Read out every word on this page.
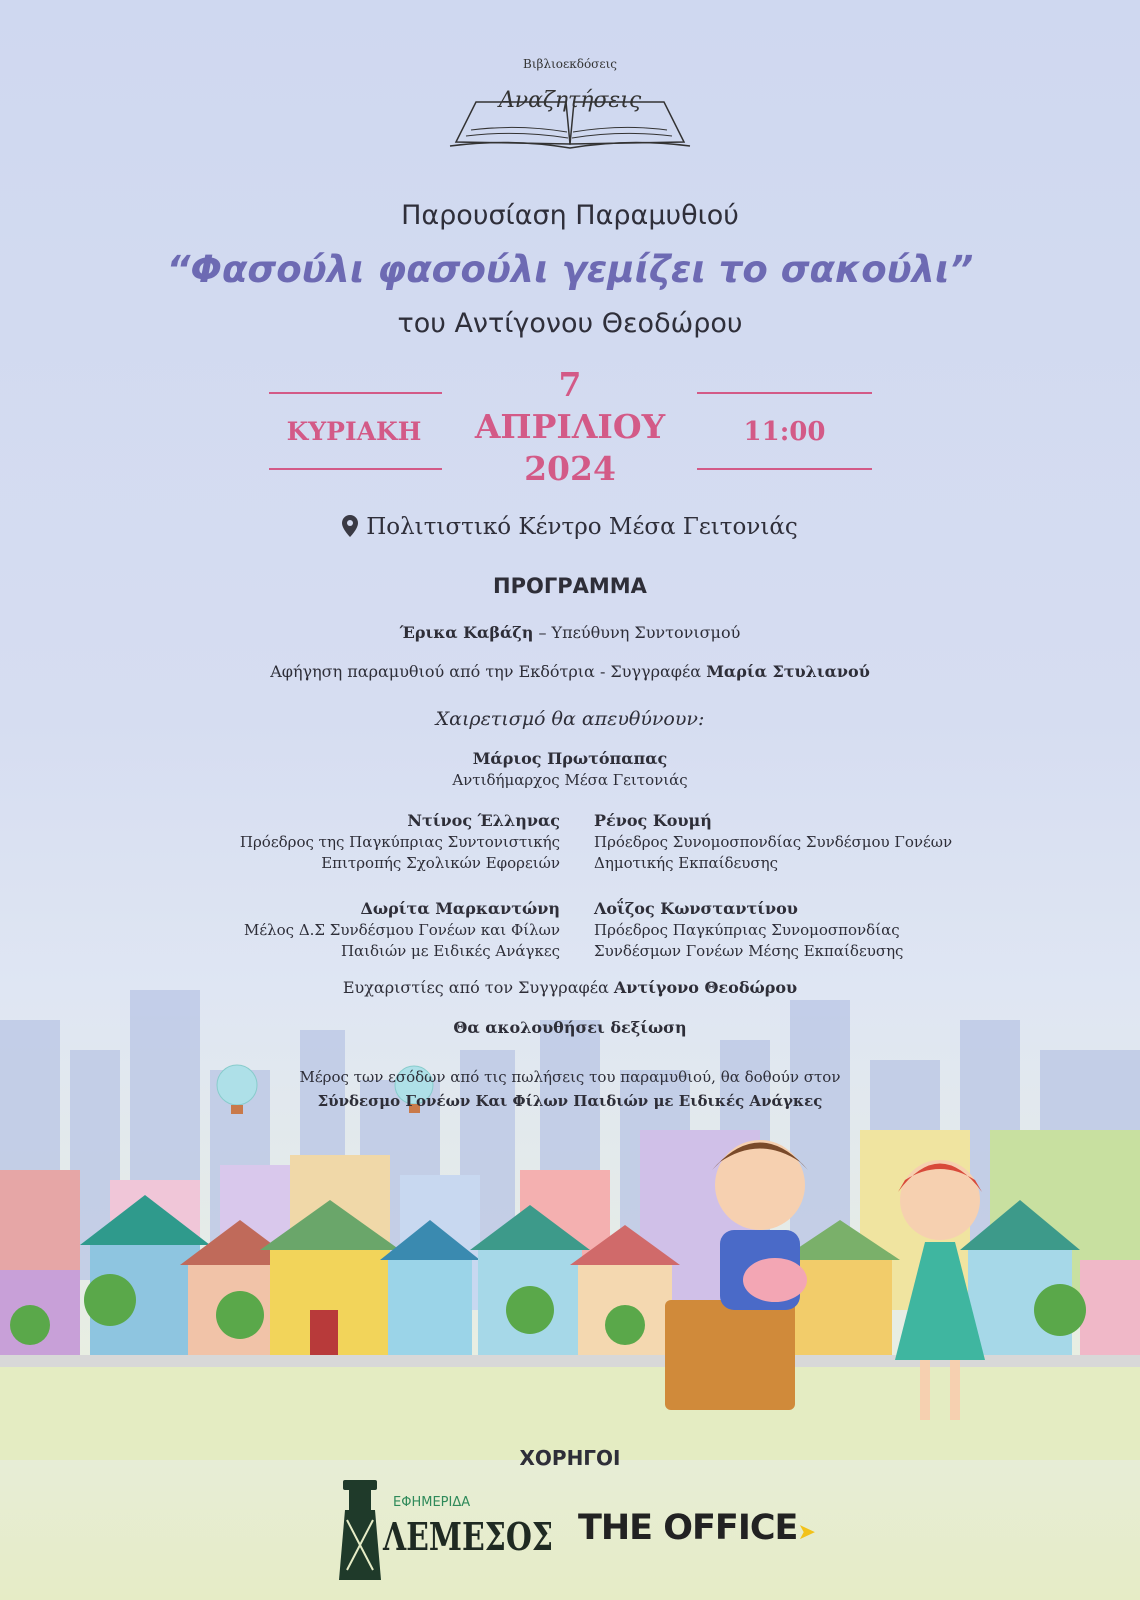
Βιβλιοεκδόσεις
Αναζητήσεις
Παρουσίαση Παραμυθιού
“Φασούλι φασούλι γεμίζει το σακούλι”
του Αντίγονου Θεοδώρου
ΚΥΡΙΑΚΗ
7
ΑΠΡΙΛΙΟΥ
2024
11:00
Πολιτιστικό Κέντρο Μέσα Γειτονιάς
ΠΡΟΓΡΑΜΜΑ
Έρικα Καβάζη – Υπεύθυνη Συντονισμού
Αφήγηση παραμυθιού από την Εκδότρια - Συγγραφέα Μαρία Στυλιανού
Χαιρετισμό θα απευθύνουν:
Μάριος Πρωτόπαπας
Αντιδήμαρχος Μέσα Γειτονιάς
Ντίνος Έλληνας
Πρόεδρος της Παγκύπριας Συντονιστικής
Επιτροπής Σχολικών Εφορειών
Ρένος Κουμή
Πρόεδρος Συνομοσπονδίας Συνδέσμου Γονέων
Δημοτικής Εκπαίδευσης
Δωρίτα Μαρκαντώνη
Μέλος Δ.Σ Συνδέσμου Γονέων και Φίλων
Παιδιών με Ειδικές Ανάγκες
Λοΐζος Κωνσταντίνου
Πρόεδρος Παγκύπριας Συνομοσπονδίας
Συνδέσμων Γονέων Μέσης Εκπαίδευσης
Ευχαριστίες από τον Συγγραφέα Αντίγονο Θεοδώρου
Θα ακολουθήσει δεξίωση
Μέρος των εσόδων από τις πωλήσεις του παραμυθιού, θα δοθούν στον
Σύνδεσμο Γονέων Και Φίλων Παιδιών με Ειδικές Ανάγκες
ΧΟΡΗΓΟΙ
ΕΦΗΜΕΡΙΔΑ
ΛΕΜΕΣΟΣ THE OFFICE➤
